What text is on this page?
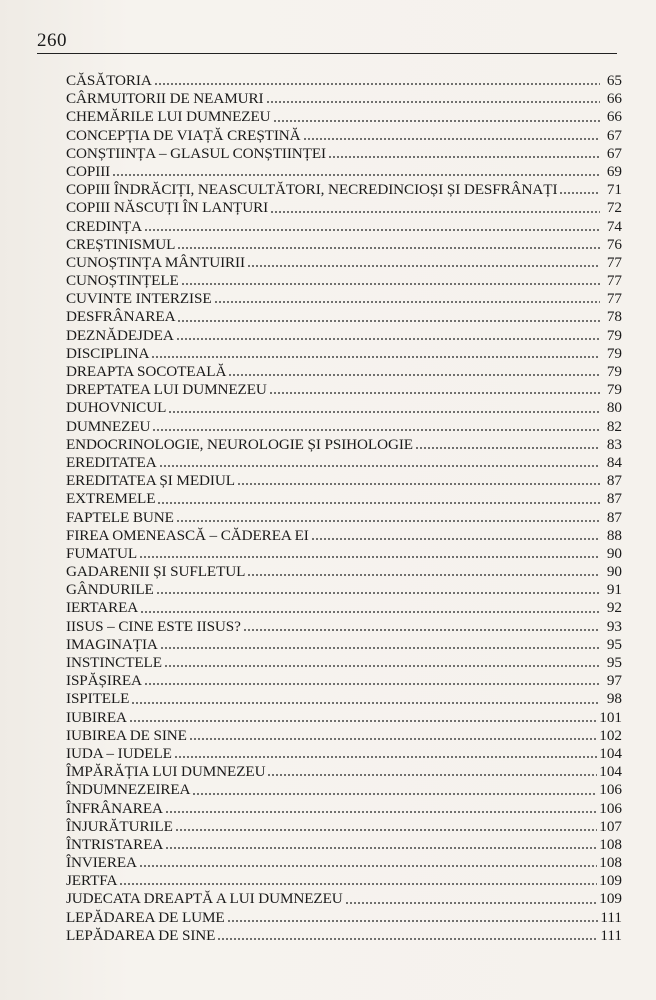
260
CĂSĂTORIA	65
CÂRMUITORII DE NEAMURI	66
CHEMĂRILE LUI DUMNEZEU	66
CONCEPȚIA DE VIAȚĂ CREȘTINĂ	67
CONȘTIINȚA – GLASUL CONȘTIINȚEI	67
COPIII	69
COPIII ÎNDRĂCIȚI, NEASCULTĂTORI, NECREDINCIOȘI ȘI DESFRÂNAȚI	71
COPIII NĂSCUȚI ÎN LANȚURI	72
CREDINȚA	74
CREȘTINISMUL	76
CUNOȘTINȚA MÂNTUIRII	77
CUNOȘTINȚELE	77
CUVINTE INTERZISE	77
DESFRÂNAREA	78
DEZNĂDEJDEA	79
DISCIPLINA	79
DREAPTA SOCOTEALĂ	79
DREPTATEA LUI DUMNEZEU	79
DUHOVNICUL	80
DUMNEZEU	82
ENDOCRINOLOGIE, NEUROLOGIE ȘI PSIHOLOGIE	83
EREDITATEA	84
EREDITATEA ȘI MEDIUL	87
EXTREMELE	87
FAPTELE BUNE	87
FIREA OMENEASCĂ – CĂDEREA EI	88
FUMATUL	90
GADARENII ȘI SUFLETUL	90
GÂNDURILE	91
IERTAREA	92
IISUS – CINE ESTE IISUS?	93
IMAGINAȚIA	95
INSTINCTELE	95
ISPĂȘIREA	97
ISPITELE	98
IUBIREA	101
IUBIREA DE SINE	102
IUDA – IUDELE	104
ÎMPĂRĂȚIA LUI DUMNEZEU	104
ÎNDUMNEZEIREA	106
ÎNFRÂNAREA	106
ÎNJURĂTURILE	107
ÎNTRISTAREA	108
ÎNVIEREA	108
JERTFA	109
JUDECATA DREAPTĂ A LUI DUMNEZEU	109
LEPĂDAREA DE LUME	111
LEPĂDAREA DE SINE	111
